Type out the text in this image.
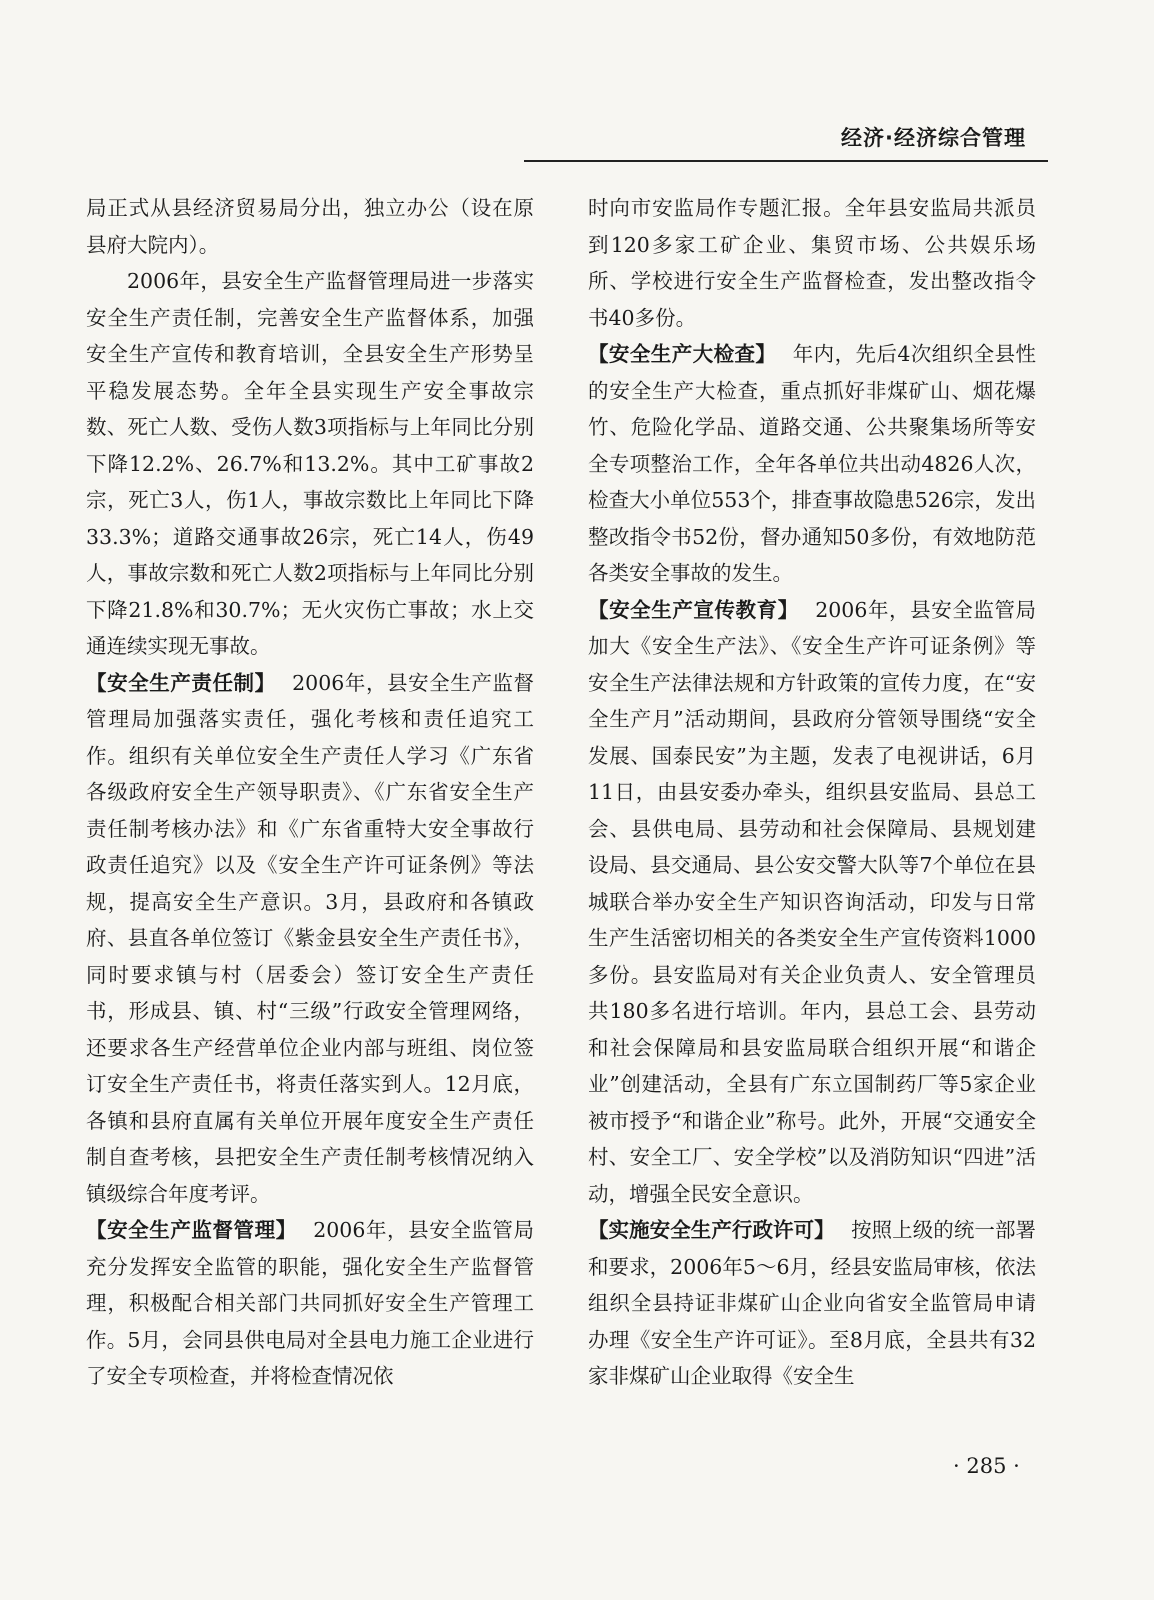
经济·经济综合管理

局正式从县经济贸易局分出，独立办公（设在原县府大院内）。

2006年，县安全生产监督管理局进一步落实安全生产责任制，完善安全生产监督体系，加强安全生产宣传和教育培训，全县安全生产形势呈平稳发展态势。全年全县实现生产安全事故宗数、死亡人数、受伤人数3项指标与上年同比分别下降12.2%、26.7%和13.2%。其中工矿事故2宗，死亡3人，伤1人，事故宗数比上年同比下降33.3%；道路交通事故26宗，死亡14人，伤49人，事故宗数和死亡人数2项指标与上年同比分别下降21.8%和30.7%；无火灾伤亡事故；水上交通连续实现无事故。

【安全生产责任制】 2006年，县安全生产监督管理局加强落实责任，强化考核和责任追究工作。组织有关单位安全生产责任人学习《广东省各级政府安全生产领导职责》、《广东省安全生产责任制考核办法》和《广东省重特大安全事故行政责任追究》以及《安全生产许可证条例》等法规，提高安全生产意识。3月，县政府和各镇政府、县直各单位签订《紫金县安全生产责任书》，同时要求镇与村（居委会）签订安全生产责任书，形成县、镇、村“三级”行政安全管理网络，还要求各生产经营单位企业内部与班组、岗位签订安全生产责任书，将责任落实到人。12月底，各镇和县府直属有关单位开展年度安全生产责任制自查考核，县把安全生产责任制考核情况纳入镇级综合年度考评。

【安全生产监督管理】 2006年，县安全监管局充分发挥安全监管的职能，强化安全生产监督管理，积极配合相关部门共同抓好安全生产管理工作。5月，会同县供电局对全县电力施工企业进行了安全专项检查，并将检查情况依

时向市安监局作专题汇报。全年县安监局共派员到120多家工矿企业、集贸市场、公共娱乐场所、学校进行安全生产监督检查，发出整改指令书40多份。

【安全生产大检查】 年内，先后4次组织全县性的安全生产大检查，重点抓好非煤矿山、烟花爆竹、危险化学品、道路交通、公共聚集场所等安全专项整治工作，全年各单位共出动4826人次，检查大小单位553个，排查事故隐患526宗，发出整改指令书52份，督办通知50多份，有效地防范各类安全事故的发生。

【安全生产宣传教育】 2006年，县安全监管局加大《安全生产法》、《安全生产许可证条例》等安全生产法律法规和方针政策的宣传力度，在“安全生产月”活动期间，县政府分管领导围绕“安全发展、国泰民安”为主题，发表了电视讲话，6月11日，由县安委办牵头，组织县安监局、县总工会、县供电局、县劳动和社会保障局、县规划建设局、县交通局、县公安交警大队等7个单位在县城联合举办安全生产知识咨询活动，印发与日常生产生活密切相关的各类安全生产宣传资料1000多份。县安监局对有关企业负责人、安全管理员共180多名进行培训。年内，县总工会、县劳动和社会保障局和县安监局联合组织开展“和谐企业”创建活动，全县有广东立国制药厂等5家企业被市授予“和谐企业”称号。此外，开展“交通安全村、安全工厂、安全学校”以及消防知识“四进”活动，增强全民安全意识。

【实施安全生产行政许可】 按照上级的统一部署和要求，2006年5～6月，经县安监局审核，依法组织全县持证非煤矿山企业向省安全监管局申请办理《安全生产许可证》。至8月底，全县共有32家非煤矿山企业取得《安全生

· 285 ·
